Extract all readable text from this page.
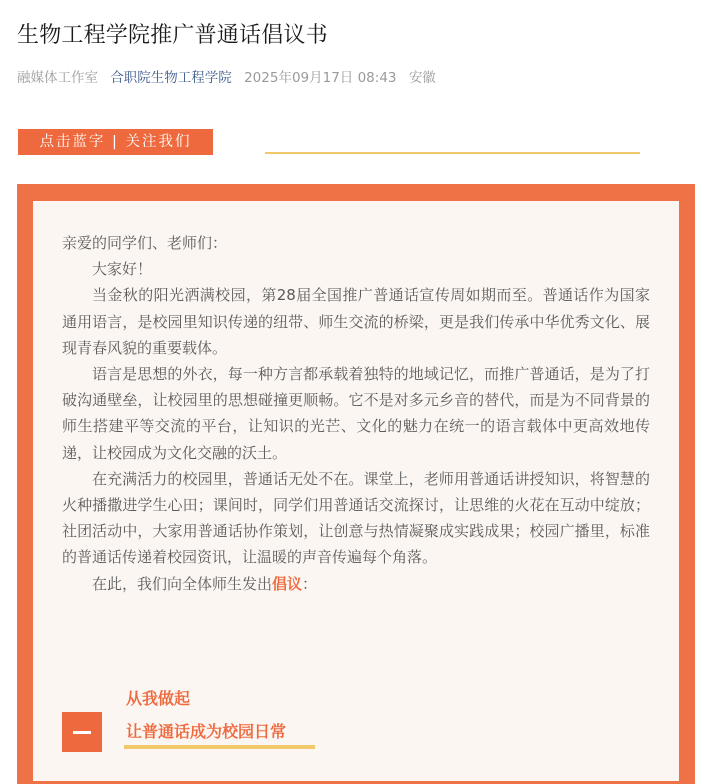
生物工程学院推广普通话倡议书
融媒体工作室 合职院生物工程学院 2025年09月17日 08:43 安徽
点击蓝字 | 关注我们

亲爱的同学们、老师们：

大家好！

当金秋的阳光洒满校园，第28届全国推广普通话宣传周如期而至。普通话作为国家通用语言，是校园里知识传递的纽带、师生交流的桥梁，更是我们传承中华优秀文化、展现青春风貌的重要载体。

语言是思想的外衣，每一种方言都承载着独特的地域记忆，而推广普通话，是为了打破沟通壁垒，让校园里的思想碰撞更顺畅。它不是对多元乡音的替代，而是为不同背景的师生搭建平等交流的平台，让知识的光芒、文化的魅力在统一的语言载体中更高效地传递，让校园成为文化交融的沃土。

在充满活力的校园里，普通话无处不在。课堂上，老师用普通话讲授知识，将智慧的火种播撒进学生心田；课间时，同学们用普通话交流探讨，让思维的火花在互动中绽放；社团活动中，大家用普通话协作策划，让创意与热情凝聚成实践成果；校园广播里，标准的普通话传递着校园资讯，让温暖的声音传遍每个角落。

在此，我们向全体师生发出倡议：

从我做起
让普通话成为校园日常
